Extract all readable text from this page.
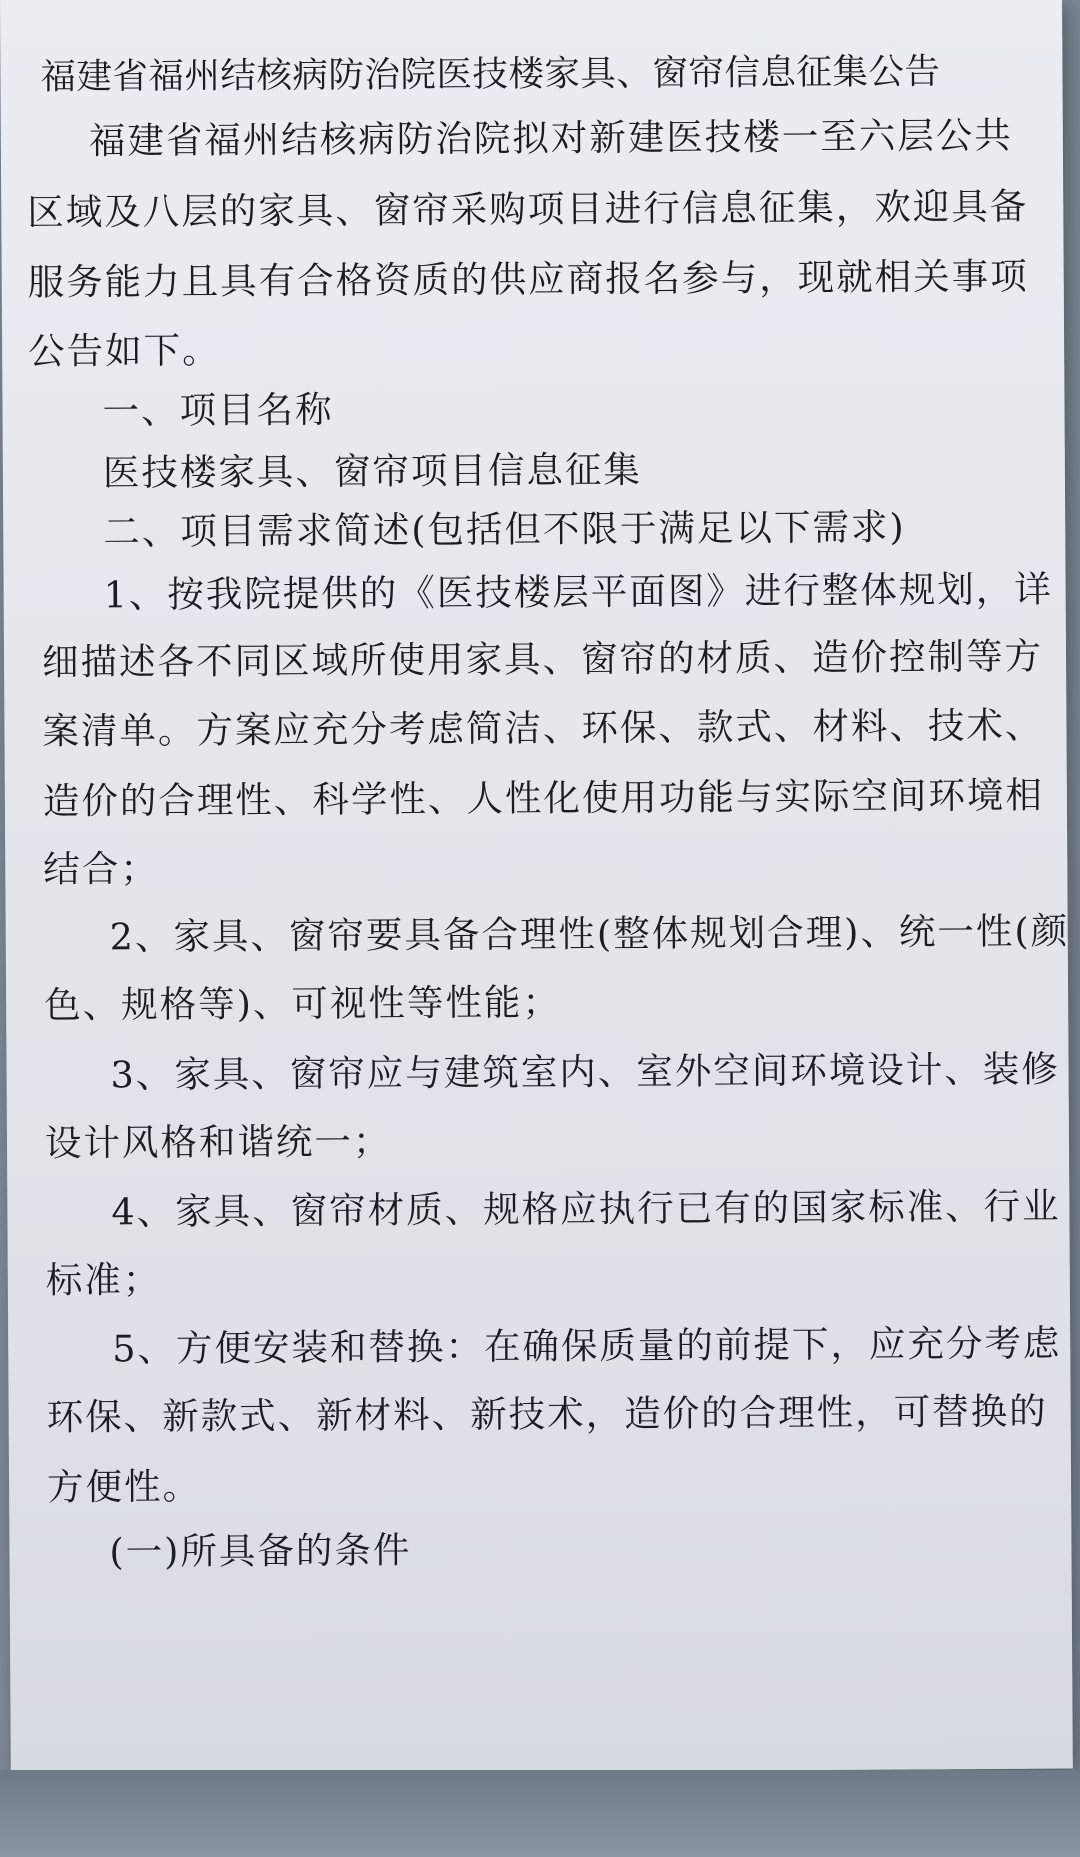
福建省福州结核病防治院医技楼家具、窗帘信息征集公告
福建省福州结核病防治院拟对新建医技楼一至六层公共
区域及八层的家具、窗帘采购项目进行信息征集，欢迎具备
服务能力且具有合格资质的供应商报名参与，现就相关事项
公告如下。
一、项目名称
医技楼家具、窗帘项目信息征集
二、项目需求简述(包括但不限于满足以下需求)
1、按我院提供的《医技楼层平面图》进行整体规划，详
细描述各不同区域所使用家具、窗帘的材质、造价控制等方
案清单。方案应充分考虑简洁、环保、款式、材料、技术、
造价的合理性、科学性、人性化使用功能与实际空间环境相
结合；
2、家具、窗帘要具备合理性(整体规划合理)、统一性(颜
色、规格等)、可视性等性能；
3、家具、窗帘应与建筑室内、室外空间环境设计、装修
设计风格和谐统一；
4、家具、窗帘材质、规格应执行已有的国家标准、行业
标准；
5、方便安装和替换：在确保质量的前提下，应充分考虑
环保、新款式、新材料、新技术，造价的合理性，可替换的
方便性。
(一)所具备的条件
